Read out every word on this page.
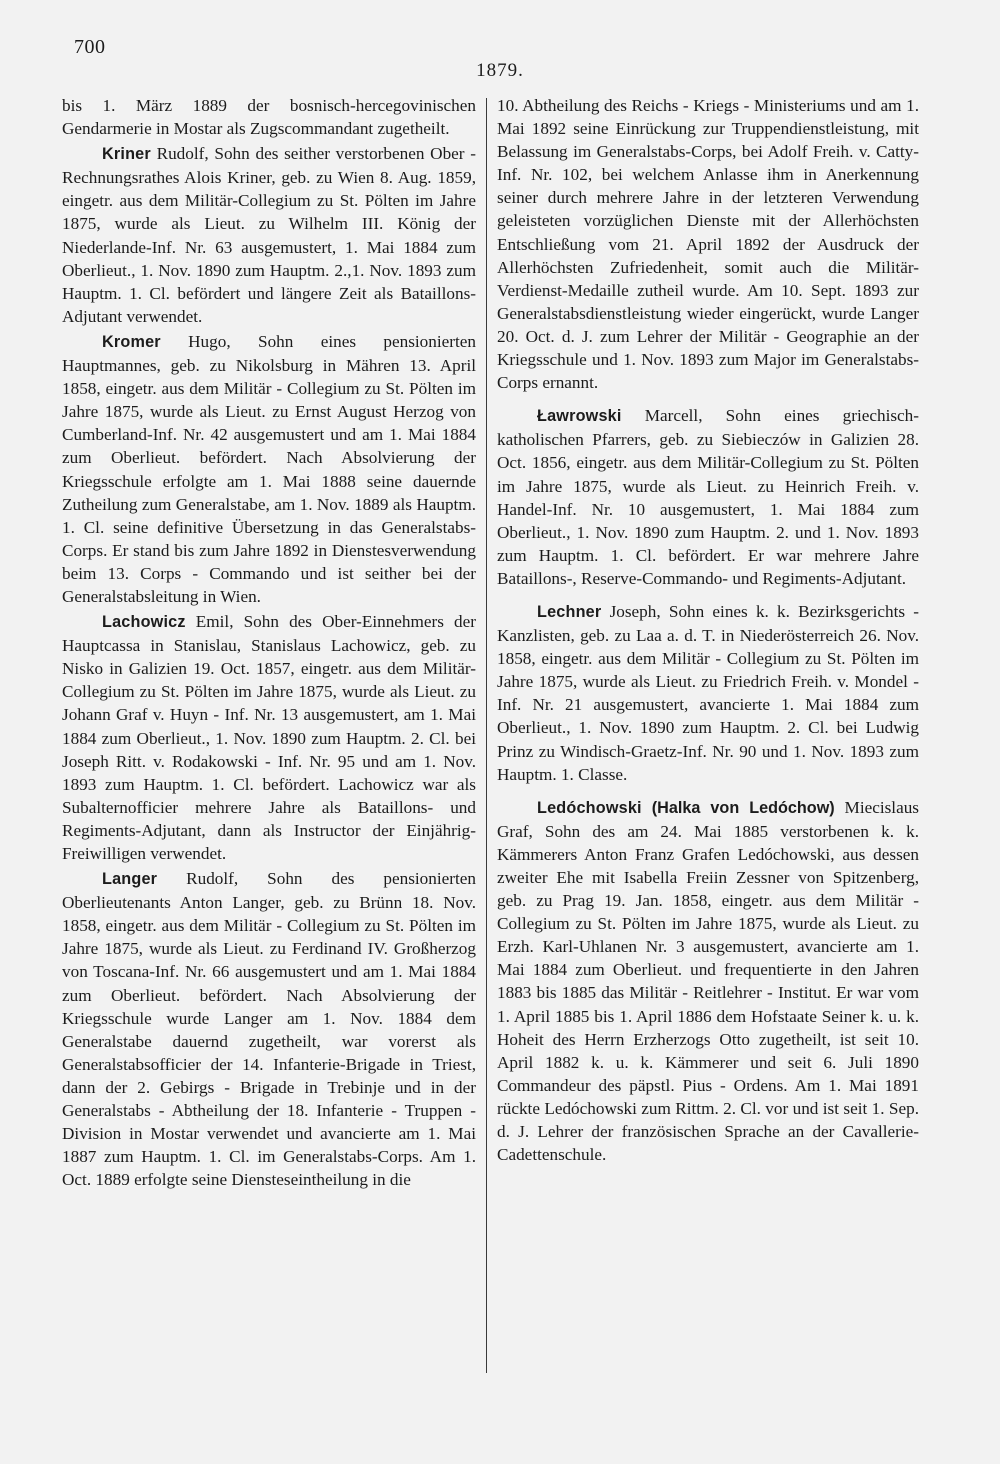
700
1879.

bis 1. März 1889 der bosnisch-hercegovinischen Gendarmerie in Mostar als Zugscommandant zugetheilt.

Kriner Rudolf, Sohn des seither verstorbenen Ober - Rechnungsrathes Alois Kriner, geb. zu Wien 8. Aug. 1859, eingetr. aus dem Militär-Collegium zu St. Pölten im Jahre 1875, wurde als Lieut. zu Wilhelm III. König der Niederlande-Inf. Nr. 63 ausgemustert, 1. Mai 1884 zum Oberlieut., 1. Nov. 1890 zum Hauptm. 2.,1. Nov. 1893 zum Hauptm. 1. Cl. befördert und längere Zeit als Bataillons-Adjutant verwendet.

Kromer Hugo, Sohn eines pensionierten Hauptmannes, geb. zu Nikolsburg in Mähren 13. April 1858, eingetr. aus dem Militär - Collegium zu St. Pölten im Jahre 1875, wurde als Lieut. zu Ernst August Herzog von Cumberland-Inf. Nr. 42 ausgemustert und am 1. Mai 1884 zum Oberlieut. befördert. Nach Absolvierung der Kriegsschule erfolgte am 1. Mai 1888 seine dauernde Zutheilung zum Generalstabe, am 1. Nov. 1889 als Hauptm. 1. Cl. seine definitive Übersetzung in das Generalstabs-Corps. Er stand bis zum Jahre 1892 in Dienstesverwendung beim 13. Corps - Commando und ist seither bei der Generalstabsleitung in Wien.

Lachowicz Emil, Sohn des Ober-Einnehmers der Hauptcassa in Stanislau, Stanislaus Lachowicz, geb. zu Nisko in Galizien 19. Oct. 1857, eingetr. aus dem Militär-Collegium zu St. Pölten im Jahre 1875, wurde als Lieut. zu Johann Graf v. Huyn - Inf. Nr. 13 ausgemustert, am 1. Mai 1884 zum Oberlieut., 1. Nov. 1890 zum Hauptm. 2. Cl. bei Joseph Ritt. v. Rodakowski - Inf. Nr. 95 und am 1. Nov. 1893 zum Hauptm. 1. Cl. befördert. Lachowicz war als Subalternofficier mehrere Jahre als Bataillons- und Regiments-Adjutant, dann als Instructor der Einjährig-Freiwilligen verwendet.

Langer Rudolf, Sohn des pensionierten Oberlieutenants Anton Langer, geb. zu Brünn 18. Nov. 1858, eingetr. aus dem Militär - Collegium zu St. Pölten im Jahre 1875, wurde als Lieut. zu Ferdinand IV. Großherzog von Toscana-Inf. Nr. 66 ausgemustert und am 1. Mai 1884 zum Oberlieut. befördert. Nach Absolvierung der Kriegsschule wurde Langer am 1. Nov. 1884 dem Generalstabe dauernd zugetheilt, war vorerst als Generalstabsofficier der 14. Infanterie-Brigade in Triest, dann der 2. Gebirgs - Brigade in Trebinje und in der Generalstabs - Abtheilung der 18. Infanterie - Truppen - Division in Mostar verwendet und avancierte am 1. Mai 1887 zum Hauptm. 1. Cl. im Generalstabs-Corps. Am 1. Oct. 1889 erfolgte seine Diensteseintheilung in die

10. Abtheilung des Reichs - Kriegs - Ministeriums und am 1. Mai 1892 seine Einrückung zur Truppendienstleistung, mit Belassung im Generalstabs-Corps, bei Adolf Freih. v. Catty-Inf. Nr. 102, bei welchem Anlasse ihm in Anerkennung seiner durch mehrere Jahre in der letzteren Verwendung geleisteten vorzüglichen Dienste mit der Allerhöchsten Entschließung vom 21. April 1892 der Ausdruck der Allerhöchsten Zufriedenheit, somit auch die Militär-Verdienst-Medaille zutheil wurde. Am 10. Sept. 1893 zur Generalstabsdienstleistung wieder eingerückt, wurde Langer 20. Oct. d. J. zum Lehrer der Militär - Geographie an der Kriegsschule und 1. Nov. 1893 zum Major im Generalstabs-Corps ernannt.

Ławrowski Marcell, Sohn eines griechisch-katholischen Pfarrers, geb. zu Siebieczów in Galizien 28. Oct. 1856, eingetr. aus dem Militär-Collegium zu St. Pölten im Jahre 1875, wurde als Lieut. zu Heinrich Freih. v. Handel-Inf. Nr. 10 ausgemustert, 1. Mai 1884 zum Oberlieut., 1. Nov. 1890 zum Hauptm. 2. und 1. Nov. 1893 zum Hauptm. 1. Cl. befördert. Er war mehrere Jahre Bataillons-, Reserve-Commando- und Regiments-Adjutant.

Lechner Joseph, Sohn eines k. k. Bezirksgerichts - Kanzlisten, geb. zu Laa a. d. T. in Niederösterreich 26. Nov. 1858, eingetr. aus dem Militär - Collegium zu St. Pölten im Jahre 1875, wurde als Lieut. zu Friedrich Freih. v. Mondel - Inf. Nr. 21 ausgemustert, avancierte 1. Mai 1884 zum Oberlieut., 1. Nov. 1890 zum Hauptm. 2. Cl. bei Ludwig Prinz zu Windisch-Graetz-Inf. Nr. 90 und 1. Nov. 1893 zum Hauptm. 1. Classe.

Ledóchowski (Halka von Ledóchow) Miecislaus Graf, Sohn des am 24. Mai 1885 verstorbenen k. k. Kämmerers Anton Franz Grafen Ledóchowski, aus dessen zweiter Ehe mit Isabella Freiin Zessner von Spitzenberg, geb. zu Prag 19. Jan. 1858, eingetr. aus dem Militär - Collegium zu St. Pölten im Jahre 1875, wurde als Lieut. zu Erzh. Karl-Uhlanen Nr. 3 ausgemustert, avancierte am 1. Mai 1884 zum Oberlieut. und frequentierte in den Jahren 1883 bis 1885 das Militär - Reitlehrer - Institut. Er war vom 1. April 1885 bis 1. April 1886 dem Hofstaate Seiner k. u. k. Hoheit des Herrn Erzherzogs Otto zugetheilt, ist seit 10. April 1882 k. u. k. Kämmerer und seit 6. Juli 1890 Commandeur des päpstl. Pius - Ordens. Am 1. Mai 1891 rückte Ledóchowski zum Rittm. 2. Cl. vor und ist seit 1. Sep. d. J. Lehrer der französischen Sprache an der Cavallerie-Cadettenschule.
